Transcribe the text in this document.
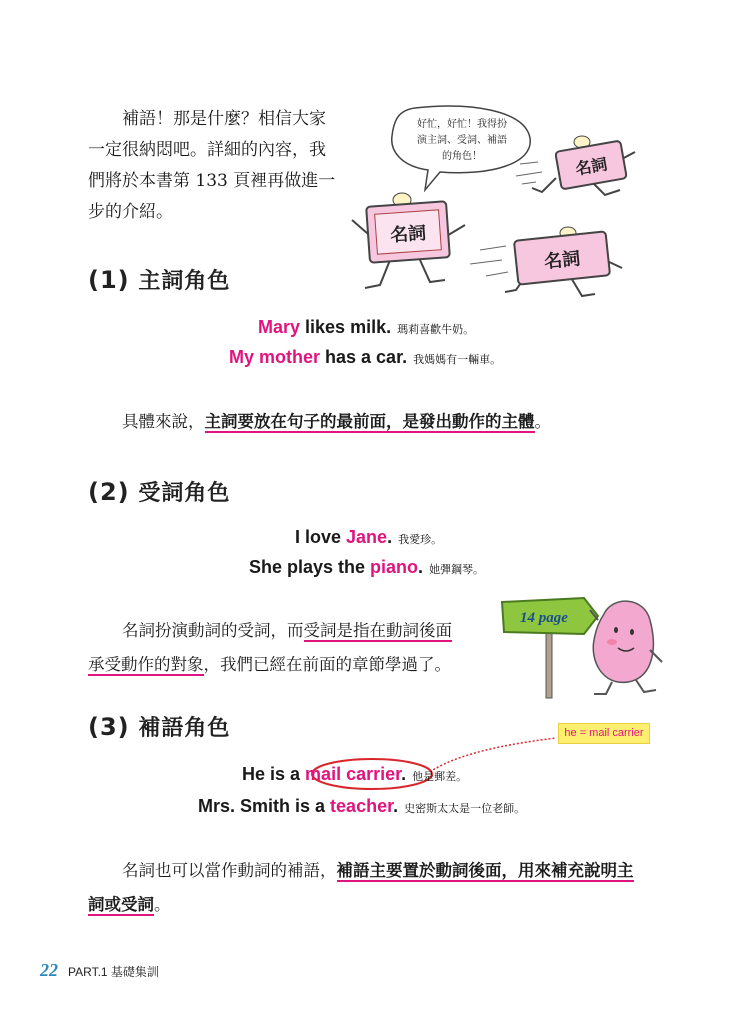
補語！那是什麼？相信大家
一定很納悶吧。詳細的內容，我
們將於本書第 133 頁裡再做進一
步的介紹。
好忙，好忙！我得扮
演主詞、受詞、補語
的角色！
名詞
名詞
名詞
(1) 主詞角色
Mary likes milk. 瑪莉喜歡牛奶。
My mother has a car. 我媽媽有一輛車。
具體來說，主詞要放在句子的最前面，是發出動作的主體。
(2) 受詞角色
I love Jane. 我愛珍。
She plays the piano. 她彈鋼琴。
14 page
名詞扮演動詞的受詞，而受詞是指在動詞後面
承受動作的對象，我們已經在前面的章節學過了。
(3) 補語角色	he = mail carrier
He is a mail carrier. 他是郵差。
Mrs. Smith is a teacher. 史密斯太太是一位老師。
名詞也可以當作動詞的補語，補語主要置於動詞後面，用來補充說明主
詞或受詞。
22 PART.1 基礎集訓
